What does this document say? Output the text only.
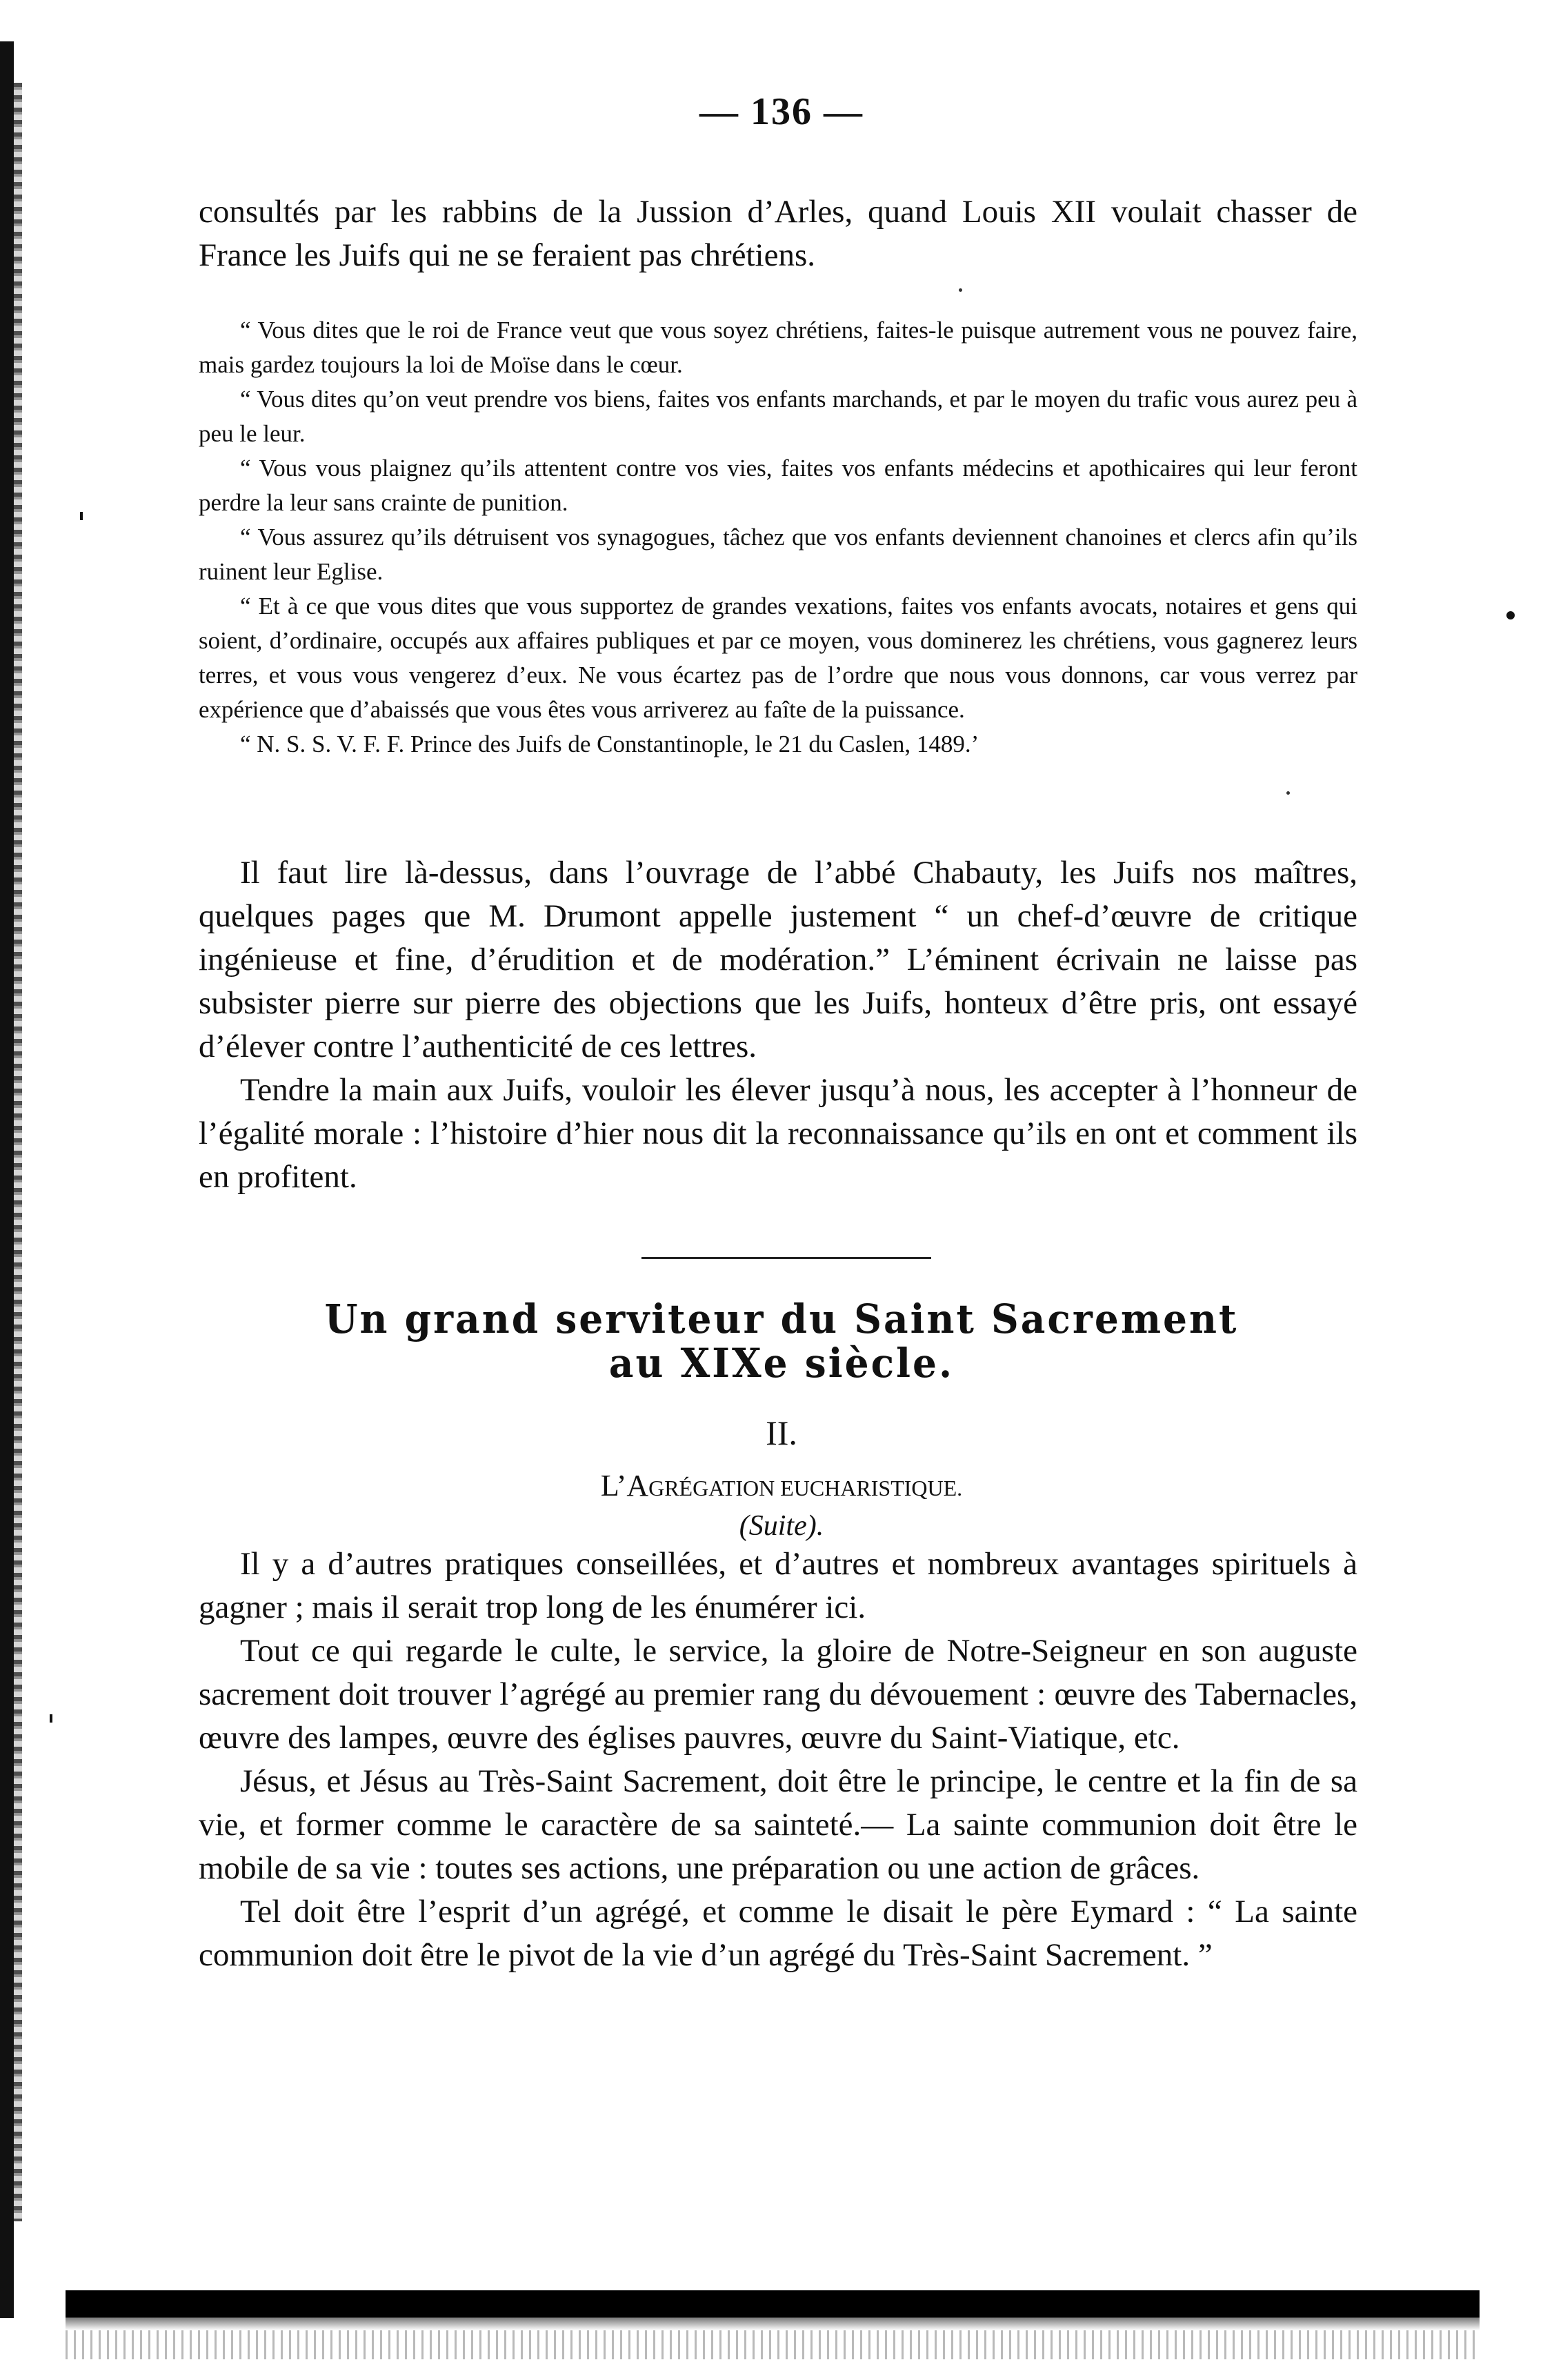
— 136 —

consultés par les rabbins de la Jussion d’Arles, quand Louis XII voulait chasser de France les Juifs qui ne se feraient pas chrétiens.

“ Vous dites que le roi de France veut que vous soyez chrétiens, faites-le puisque autrement vous ne pouvez faire, mais gardez toujours la loi de Moïse dans le cœur.

“ Vous dites qu’on veut prendre vos biens, faites vos enfants marchands, et par le moyen du trafic vous aurez peu à peu le leur.

“ Vous vous plaignez qu’ils attentent contre vos vies, faites vos enfants médecins et apothicaires qui leur feront perdre la leur sans crainte de punition.

“ Vous assurez qu’ils détruisent vos synagogues, tâchez que vos enfants deviennent chanoines et clercs afin qu’ils ruinent leur Eglise.

“ Et à ce que vous dites que vous supportez de grandes vexations, faites vos enfants avocats, notaires et gens qui soient, d’ordinaire, occupés aux affaires publiques et par ce moyen, vous dominerez les chrétiens, vous gagnerez leurs terres, et vous vous vengerez d’eux. Ne vous écartez pas de l’ordre que nous vous donnons, car vous verrez par expérience que d’abaissés que vous êtes vous arriverez au faîte de la puissance.

“ N. S. S. V. F. F. Prince des Juifs de Constantinople, le 21 du Caslen, 1489.’

Il faut lire là-dessus, dans l’ouvrage de l’abbé Chabauty, les Juifs nos maîtres, quelques pages que M. Drumont appelle justement “ un chef-d’œuvre de critique ingénieuse et fine, d’érudition et de modération.” L’éminent écrivain ne laisse pas subsister pierre sur pierre des objections que les Juifs, honteux d’être pris, ont essayé d’élever contre l’authenticité de ces lettres.

Tendre la main aux Juifs, vouloir les élever jusqu’à nous, les accepter à l’honneur de l’égalité morale : l’histoire d’hier nous dit la reconnaissance qu’ils en ont et comment ils en profitent.

Un grand serviteur du Saint Sacrement
au XIXe siècle.
II.
L’AGRÉGATION EUCHARISTIQUE.
(Suite).

Il y a d’autres pratiques conseillées, et d’autres et nombreux avantages spirituels à gagner ; mais il serait trop long de les énumérer ici.

Tout ce qui regarde le culte, le service, la gloire de Notre-Seigneur en son auguste sacrement doit trouver l’agrégé au premier rang du dévouement : œuvre des Tabernacles, œuvre des lampes, œuvre des églises pauvres, œuvre du Saint-Viatique, etc.

Jésus, et Jésus au Très-Saint Sacrement, doit être le principe, le centre et la fin de sa vie, et former comme le caractère de sa sainteté.— La sainte communion doit être le mobile de sa vie : toutes ses actions, une préparation ou une action de grâces.

Tel doit être l’esprit d’un agrégé, et comme le disait le père Eymard : “ La sainte communion doit être le pivot de la vie d’un agrégé du Très-Saint Sacrement. ”
